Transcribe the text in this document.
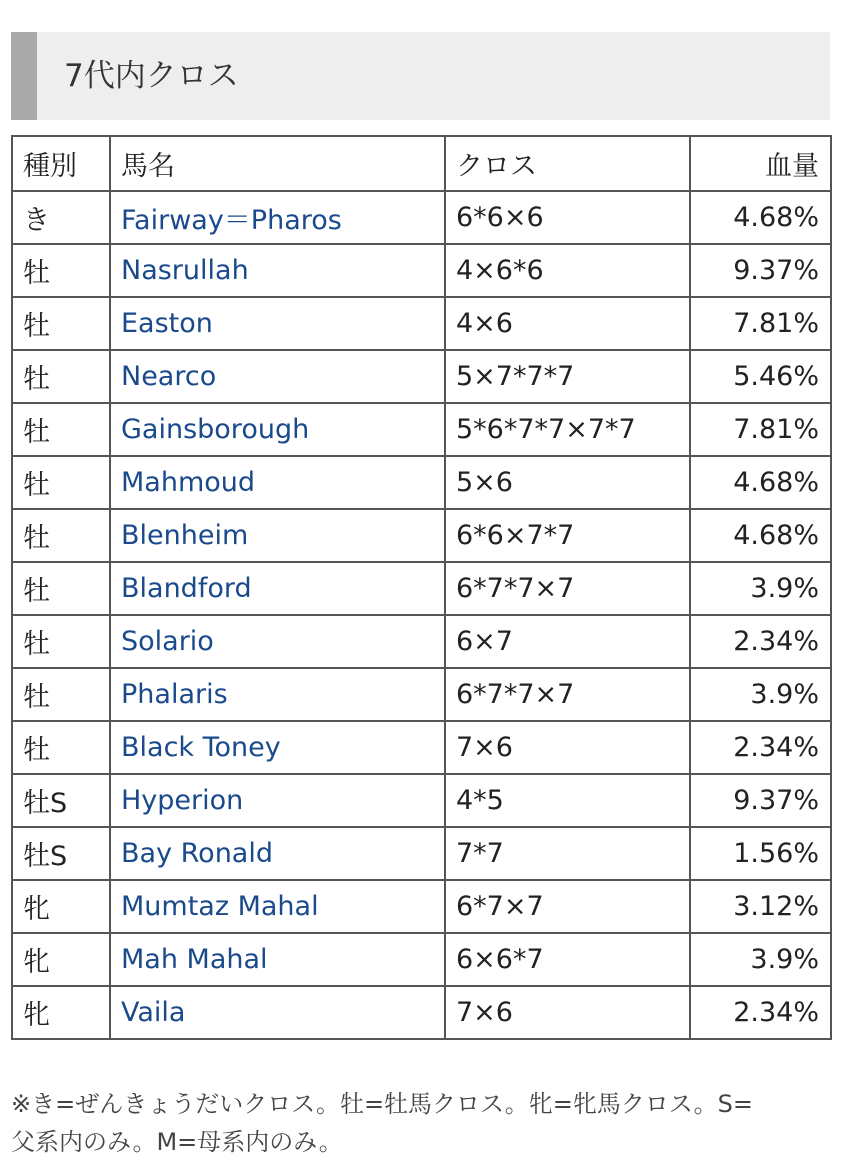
7代内クロス
種別	馬名	クロス	血量
き	Fairway＝Pharos	6*6×6	4.68%
牡	Nasrullah	4×6*6	9.37%
牡	Easton	4×6	7.81%
牡	Nearco	5×7*7*7	5.46%
牡	Gainsborough	5*6*7*7×7*7	7.81%
牡	Mahmoud	5×6	4.68%
牡	Blenheim	6*6×7*7	4.68%
牡	Blandford	6*7*7×7	3.9%
牡	Solario	6×7	2.34%
牡	Phalaris	6*7*7×7	3.9%
牡	Black Toney	7×6	2.34%
牡S	Hyperion	4*5	9.37%
牡S	Bay Ronald	7*7	1.56%
牝	Mumtaz Mahal	6*7×7	3.12%
牝	Mah Mahal	6×6*7	3.9%
牝	Vaila	7×6	2.34%
※き=ぜんきょうだいクロス。牡=牡馬クロス。牝=牝馬クロス。S=
父系内のみ。M=母系内のみ。
